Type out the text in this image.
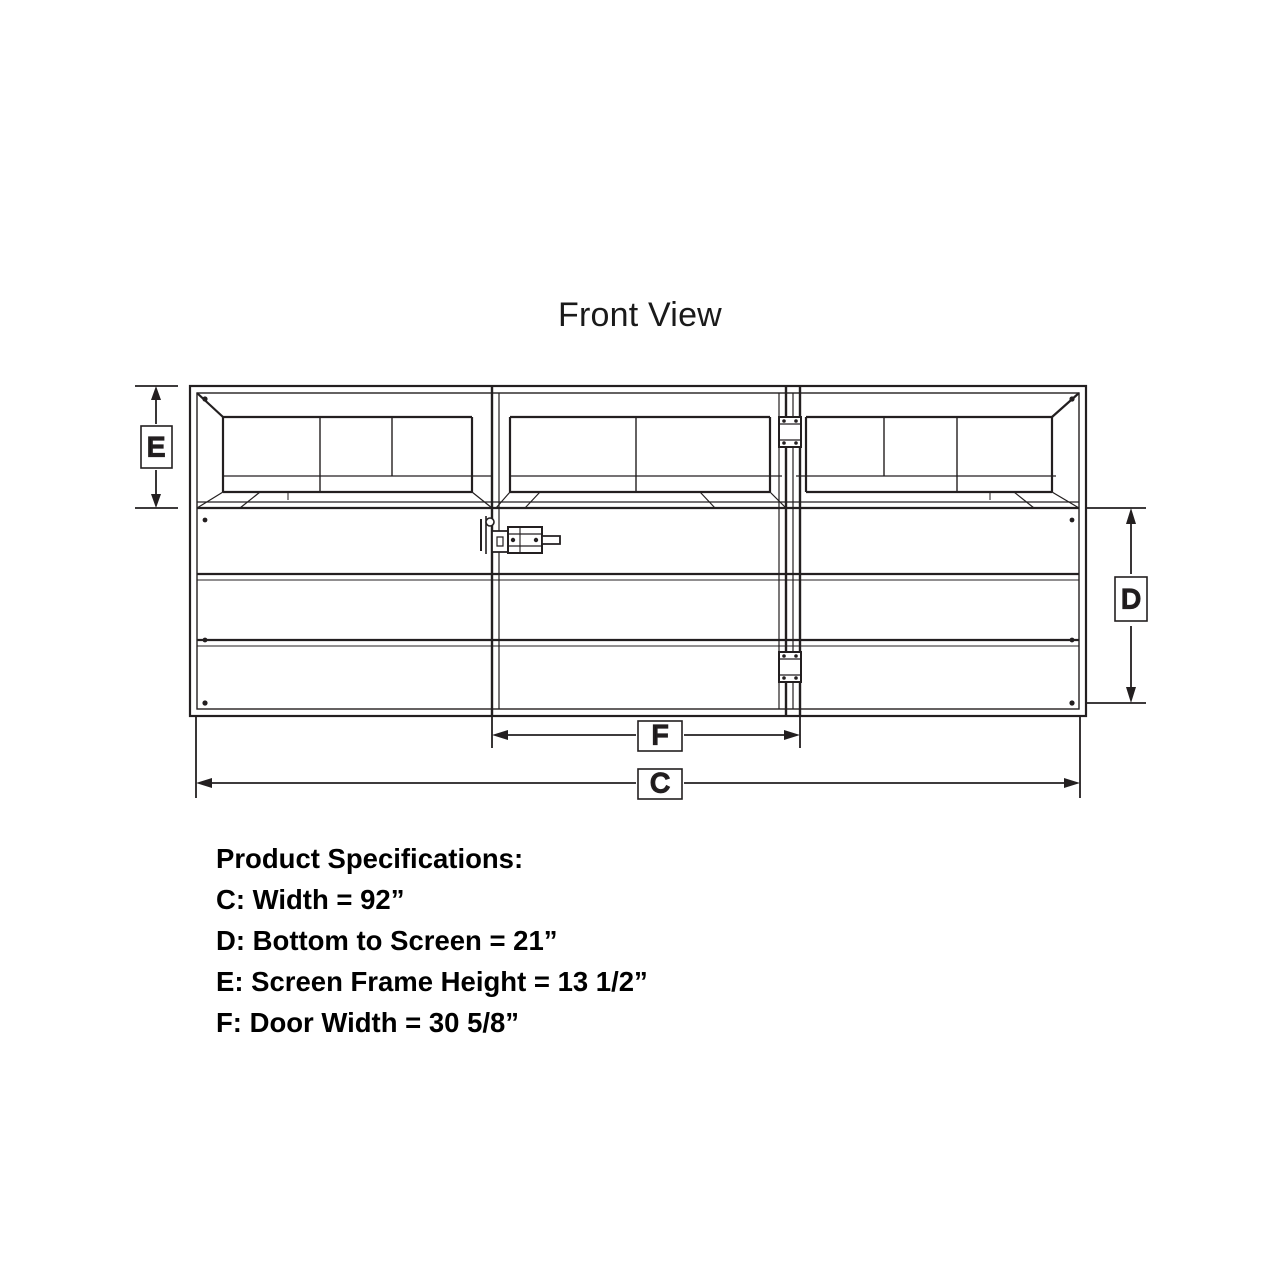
Front View
E
D
F
C
Product Specifications:
C: Width = 92”
D: Bottom to Screen = 21”
E: Screen Frame Height = 13 1/2”
F: Door Width = 30 5/8”
